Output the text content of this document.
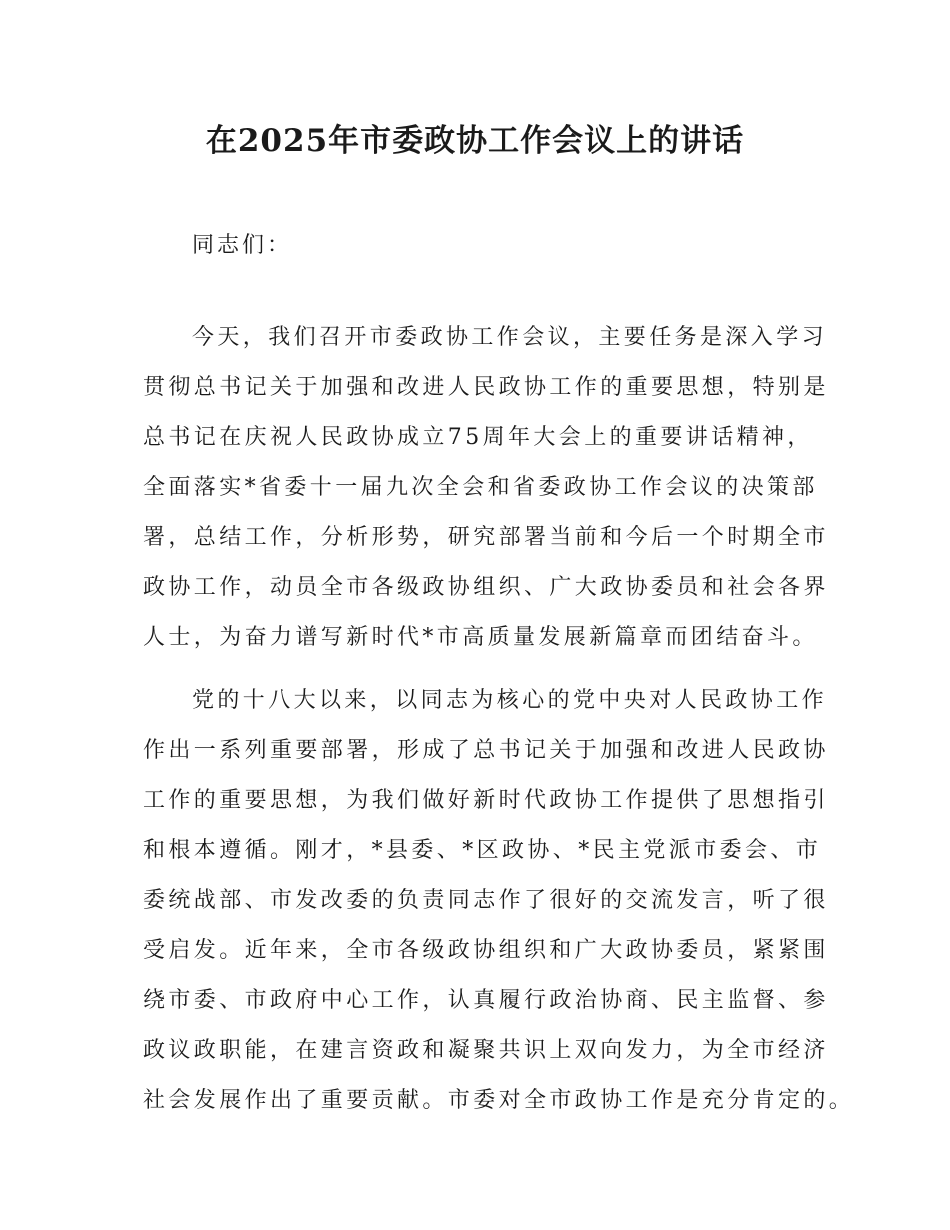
在2025年市委政协工作会议上的讲话
同志们：
今天，我们召开市委政协工作会议，主要任务是深入学习
贯彻总书记关于加强和改进人民政协工作的重要思想，特别是
总书记在庆祝人民政协成立75周年大会上的重要讲话精神，
全面落实*省委十一届九次全会和省委政协工作会议的决策部
署，总结工作，分析形势，研究部署当前和今后一个时期全市
政协工作，动员全市各级政协组织、广大政协委员和社会各界
人士，为奋力谱写新时代*市高质量发展新篇章而团结奋斗。
党的十八大以来，以同志为核心的党中央对人民政协工作
作出一系列重要部署，形成了总书记关于加强和改进人民政协
工作的重要思想，为我们做好新时代政协工作提供了思想指引
和根本遵循。刚才，*县委、*区政协、*民主党派市委会、市
委统战部、市发改委的负责同志作了很好的交流发言，听了很
受启发。近年来，全市各级政协组织和广大政协委员，紧紧围
绕市委、市政府中心工作，认真履行政治协商、民主监督、参
政议政职能，在建言资政和凝聚共识上双向发力，为全市经济
社会发展作出了重要贡献。市委对全市政协工作是充分肯定的。
